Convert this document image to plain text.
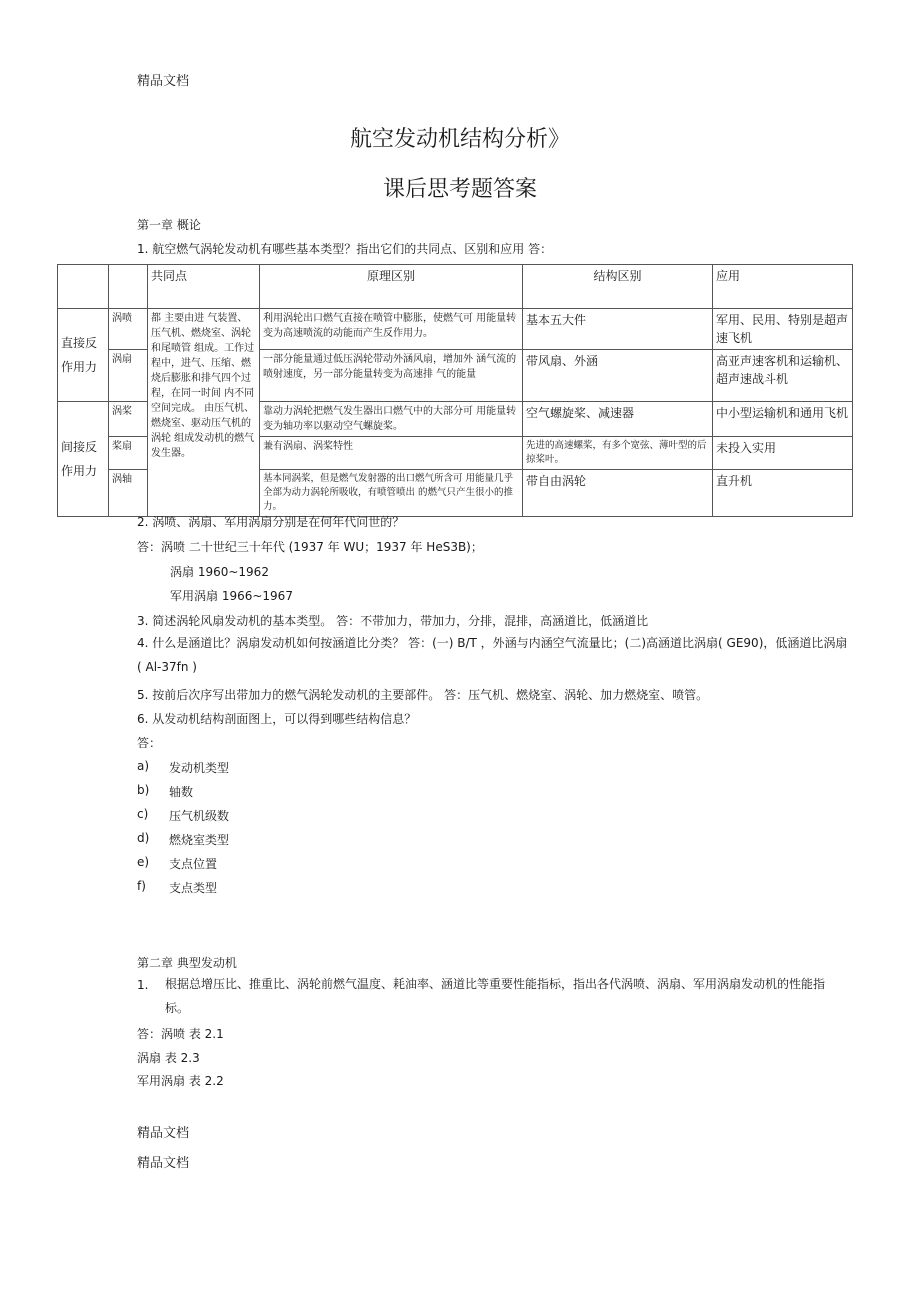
精品文档
航空发动机结构分析》
课后思考题答案
第一章 概论
1. 航空燃气涡轮发动机有哪些基本类型？指出它们的共同点、区别和应用 答：
		共同点	原理区别	结构区别	应用
直接反 作用力	涡喷	都 主要由进 气装置、压气机、燃烧室、涡轮和尾喷管 组成。工作过程中，进气、压缩、燃烧后膨胀和排气四个过程，在同一时间 内不同空间完成。 由压气机、燃烧室、驱动压气机的涡轮 组成发动机的燃气 发生器。	利用涡轮出口燃气直接在喷管中膨胀，使燃气可 用能量转变为高速喷流的动能而产生反作用力。	基本五大件	军用、民用、特别是超声速飞机
	涡扇		一部分能量通过低压涡轮带动外涵风扇，增加外 涵气流的喷射速度，另一部分能量转变为高速排 气的能量	带风扇、外涵	高亚声速客机和运输机、 超声速战斗机
间接反 作用力	涡桨		靠动力涡轮把燃气发生器出口燃气中的大部分可 用能量转变为轴功率以驱动空气螺旋桨。	空气螺旋桨、减速器	中小型运输机和通用飞机
	桨扇		兼有涡扇、涡桨特性	先进的高速螺桨，有多个宽弦、薄叶型的后掠桨叶。	未投入实用
	涡轴		基本同涡桨，但是燃气发射器的出口燃气所含可 用能量几乎全部为动力涡轮所吸收，有喷管喷出 的燃气只产生很小的推力。	带自由涡轮	直升机
2. 涡喷、涡扇、军用涡扇分别是在何年代问世的？
答：涡喷 二十世纪三十年代 (1937 年 WU；1937 年 HeS3B)；
涡扇 1960~1962
军用涡扇 1966~1967
3. 简述涡轮风扇发动机的基本类型。 答：不带加力，带加力，分排，混排，高涵道比，低涵道比
4. 什么是涵道比？涡扇发动机如何按涵道比分类？ 答：(一) B/T ，外涵与内涵空气流量比；(二)高涵道比涡扇( GE90)，低涵道比涡扇( Al-37fn )
5. 按前后次序写出带加力的燃气涡轮发动机的主要部件。 答：压气机、燃烧室、涡轮、加力燃烧室、喷管。
6. 从发动机结构剖面图上，可以得到哪些结构信息？
答：
a) 发动机类型
b) 轴数
c) 压气机级数
d) 燃烧室类型
e) 支点位置
f) 支点类型
第二章 典型发动机
1. 根据总增压比、推重比、涡轮前燃气温度、耗油率、涵道比等重要性能指标，指出各代涡喷、涡扇、军用涡扇发动机的性能指 标。
答：涡喷 表 2.1
涡扇 表 2.3
军用涡扇 表 2.2
精品文档
精品文档
